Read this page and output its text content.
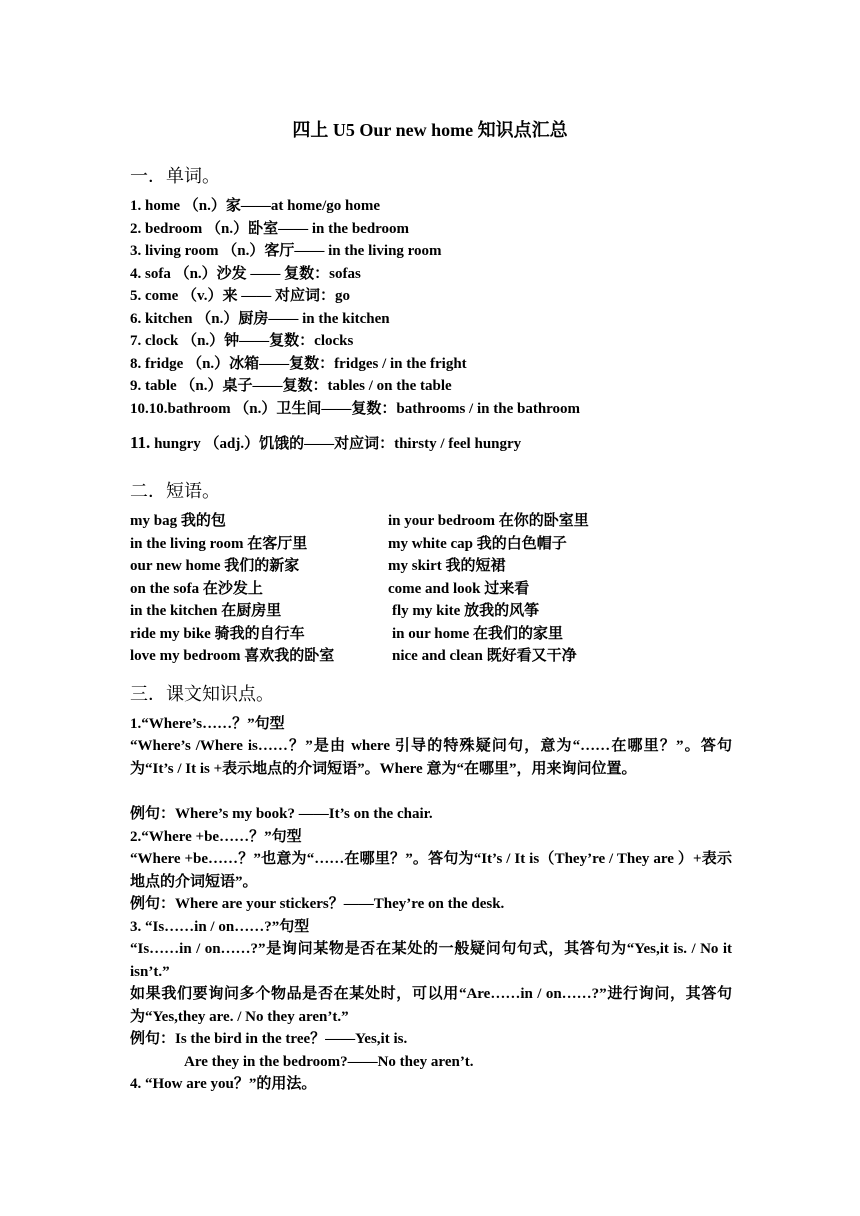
四上 U5 Our new home 知识点汇总
一．单词。
1. home （n.）家——at home/go home
2. bedroom （n.）卧室—— in the bedroom
3. living room （n.）客厅—— in the living room
4. sofa （n.）沙发 —— 复数：sofas
5. come （v.）来 —— 对应词：go
6. kitchen （n.）厨房—— in the kitchen
7. clock （n.）钟——复数：clocks
8. fridge （n.）冰箱——复数：fridges / in the fright
9. table （n.）桌子——复数：tables / on the table
10.10.bathroom （n.）卫生间——复数：bathrooms / in the bathroom
11. hungry （adj.）饥饿的——对应词：thirsty / feel hungry
二．短语。
my bag 我的包
in the living room 在客厅里
our new home 我们的新家
on the sofa 在沙发上
in the kitchen 在厨房里
ride my bike 骑我的自行车
love my bedroom 喜欢我的卧室
in your bedroom 在你的卧室里
my white cap 我的白色帽子
my skirt 我的短裙
come and look 过来看
fly my kite 放我的风筝
in our home 在我们的家里
nice and clean 既好看又干净
三．课文知识点。
1.“Where’s……？”句型
“Where’s /Where is……？”是由 where 引导的特殊疑问句，意为“……在哪里？”。答句为“It’s / It is +表示地点的介词短语”。Where 意为“在哪里”，用来询问位置。
例句：Where’s my book? ——It’s on the chair.
2.“Where +be……？”句型
“Where +be……？”也意为“……在哪里？”。答句为“It’s / It is（They’re / They are ）+表示地点的介词短语”。
例句：Where are your stickers？——They’re on the desk.
3. “Is……in / on……?”句型
“Is……in / on……?”是询问某物是否在某处的一般疑问句句式，其答句为“Yes,it is. / No it isn’t.”
如果我们要询问多个物品是否在某处时，可以用“Are……in / on……?”进行询问，其答句为“Yes,they are. / No they aren’t.”
例句：Is the bird in the tree？——Yes,it is.
Are they in the bedroom?——No they aren’t.
4. “How are you？”的用法。
